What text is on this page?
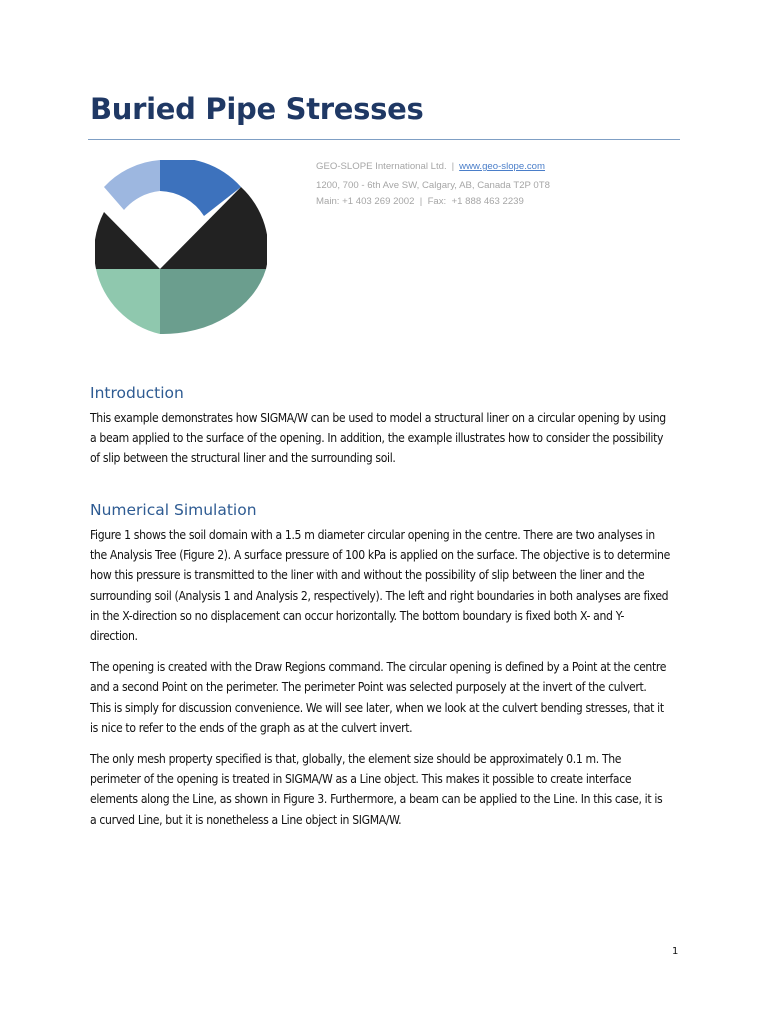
Buried Pipe Stresses
GEO-SLOPE International Ltd. | www.geo-slope.com
1200, 700 - 6th Ave SW, Calgary, AB, Canada T2P 0T8
Main: +1 403 269 2002  |  Fax:  +1 888 463 2239
Introduction

This example demonstrates how SIGMA/W can be used to model a structural liner on a circular opening by using a beam applied to the surface of the opening. In addition, the example illustrates how to consider the possibility of slip between the structural liner and the surrounding soil.

Numerical Simulation

Figure 1 shows the soil domain with a 1.5 m diameter circular opening in the centre. There are two analyses in the Analysis Tree (Figure 2). A surface pressure of 100 kPa is applied on the surface. The objective is to determine how this pressure is transmitted to the liner with and without the possibility of slip between the liner and the surrounding soil (Analysis 1 and Analysis 2, respectively). The left and right boundaries in both analyses are fixed in the X-direction so no displacement can occur horizontally. The bottom boundary is fixed both X- and Y-direction.

The opening is created with the Draw Regions command. The circular opening is defined by a Point at the centre and a second Point on the perimeter. The perimeter Point was selected purposely at the invert of the culvert. This is simply for discussion convenience. We will see later, when we look at the culvert bending stresses, that it is nice to refer to the ends of the graph as at the culvert invert.

The only mesh property specified is that, globally, the element size should be approximately 0.1 m. The perimeter of the opening is treated in SIGMA/W as a Line object. This makes it possible to create interface elements along the Line, as shown in Figure 3. Furthermore, a beam can be applied to the Line. In this case, it is a curved Line, but it is nonetheless a Line object in SIGMA/W.

1
